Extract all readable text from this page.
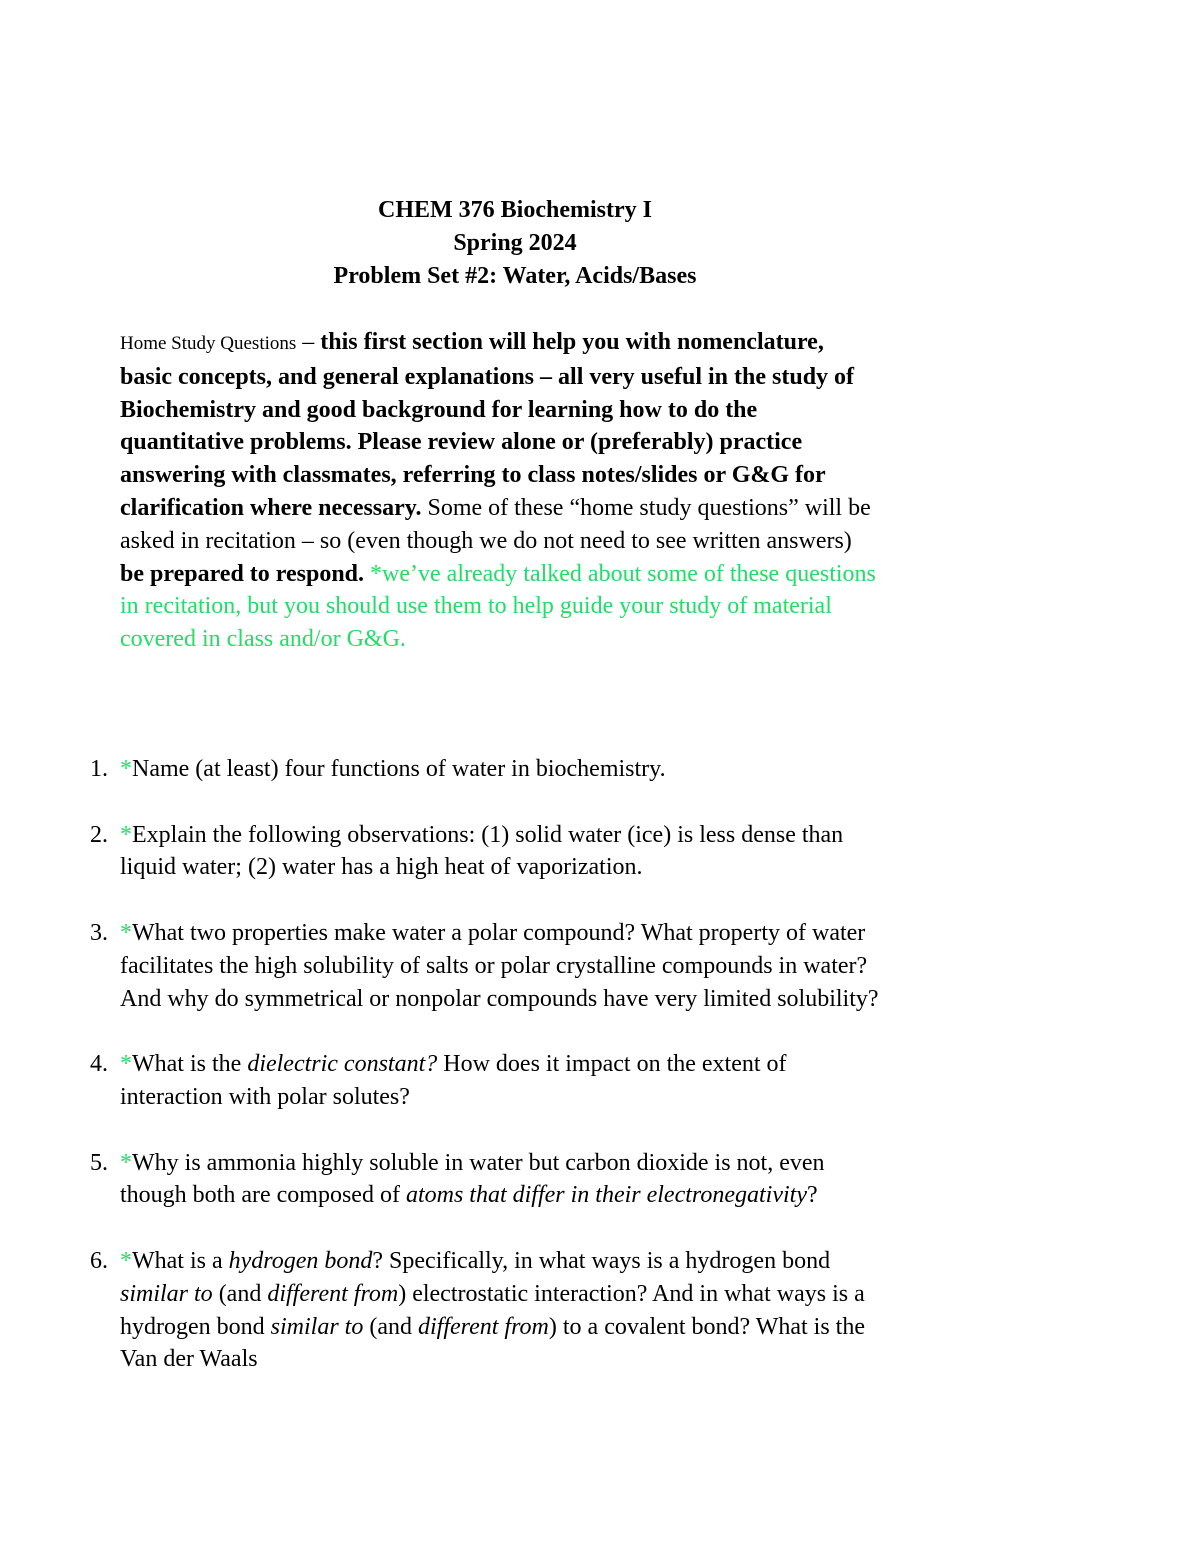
CHEM 376 Biochemistry I
Spring 2024
Problem Set #2: Water, Acids/Bases
Home Study Questions – this first section will help you with nomenclature, basic concepts, and general explanations – all very useful in the study of Biochemistry and good background for learning how to do the quantitative problems. Please review alone or (preferably) practice answering with classmates, referring to class notes/slides or G&G for clarification where necessary. Some of these “home study questions” will be asked in recitation – so (even though we do not need to see written answers) be prepared to respond. *we’ve already talked about some of these questions in recitation, but you should use them to help guide your study of material covered in class and/or G&G.
1. *Name (at least) four functions of water in biochemistry.
2. *Explain the following observations: (1) solid water (ice) is less dense than liquid water; (2) water has a high heat of vaporization.
3. *What two properties make water a polar compound? What property of water facilitates the high solubility of salts or polar crystalline compounds in water? And why do symmetrical or nonpolar compounds have very limited solubility?
4. *What is the dielectric constant? How does it impact on the extent of interaction with polar solutes?
5. *Why is ammonia highly soluble in water but carbon dioxide is not, even though both are composed of atoms that differ in their electronegativity?
6. *What is a hydrogen bond? Specifically, in what ways is a hydrogen bond similar to (and different from) electrostatic interaction? And in what ways is a hydrogen bond similar to (and different from) to a covalent bond? What is the Van der Waals
